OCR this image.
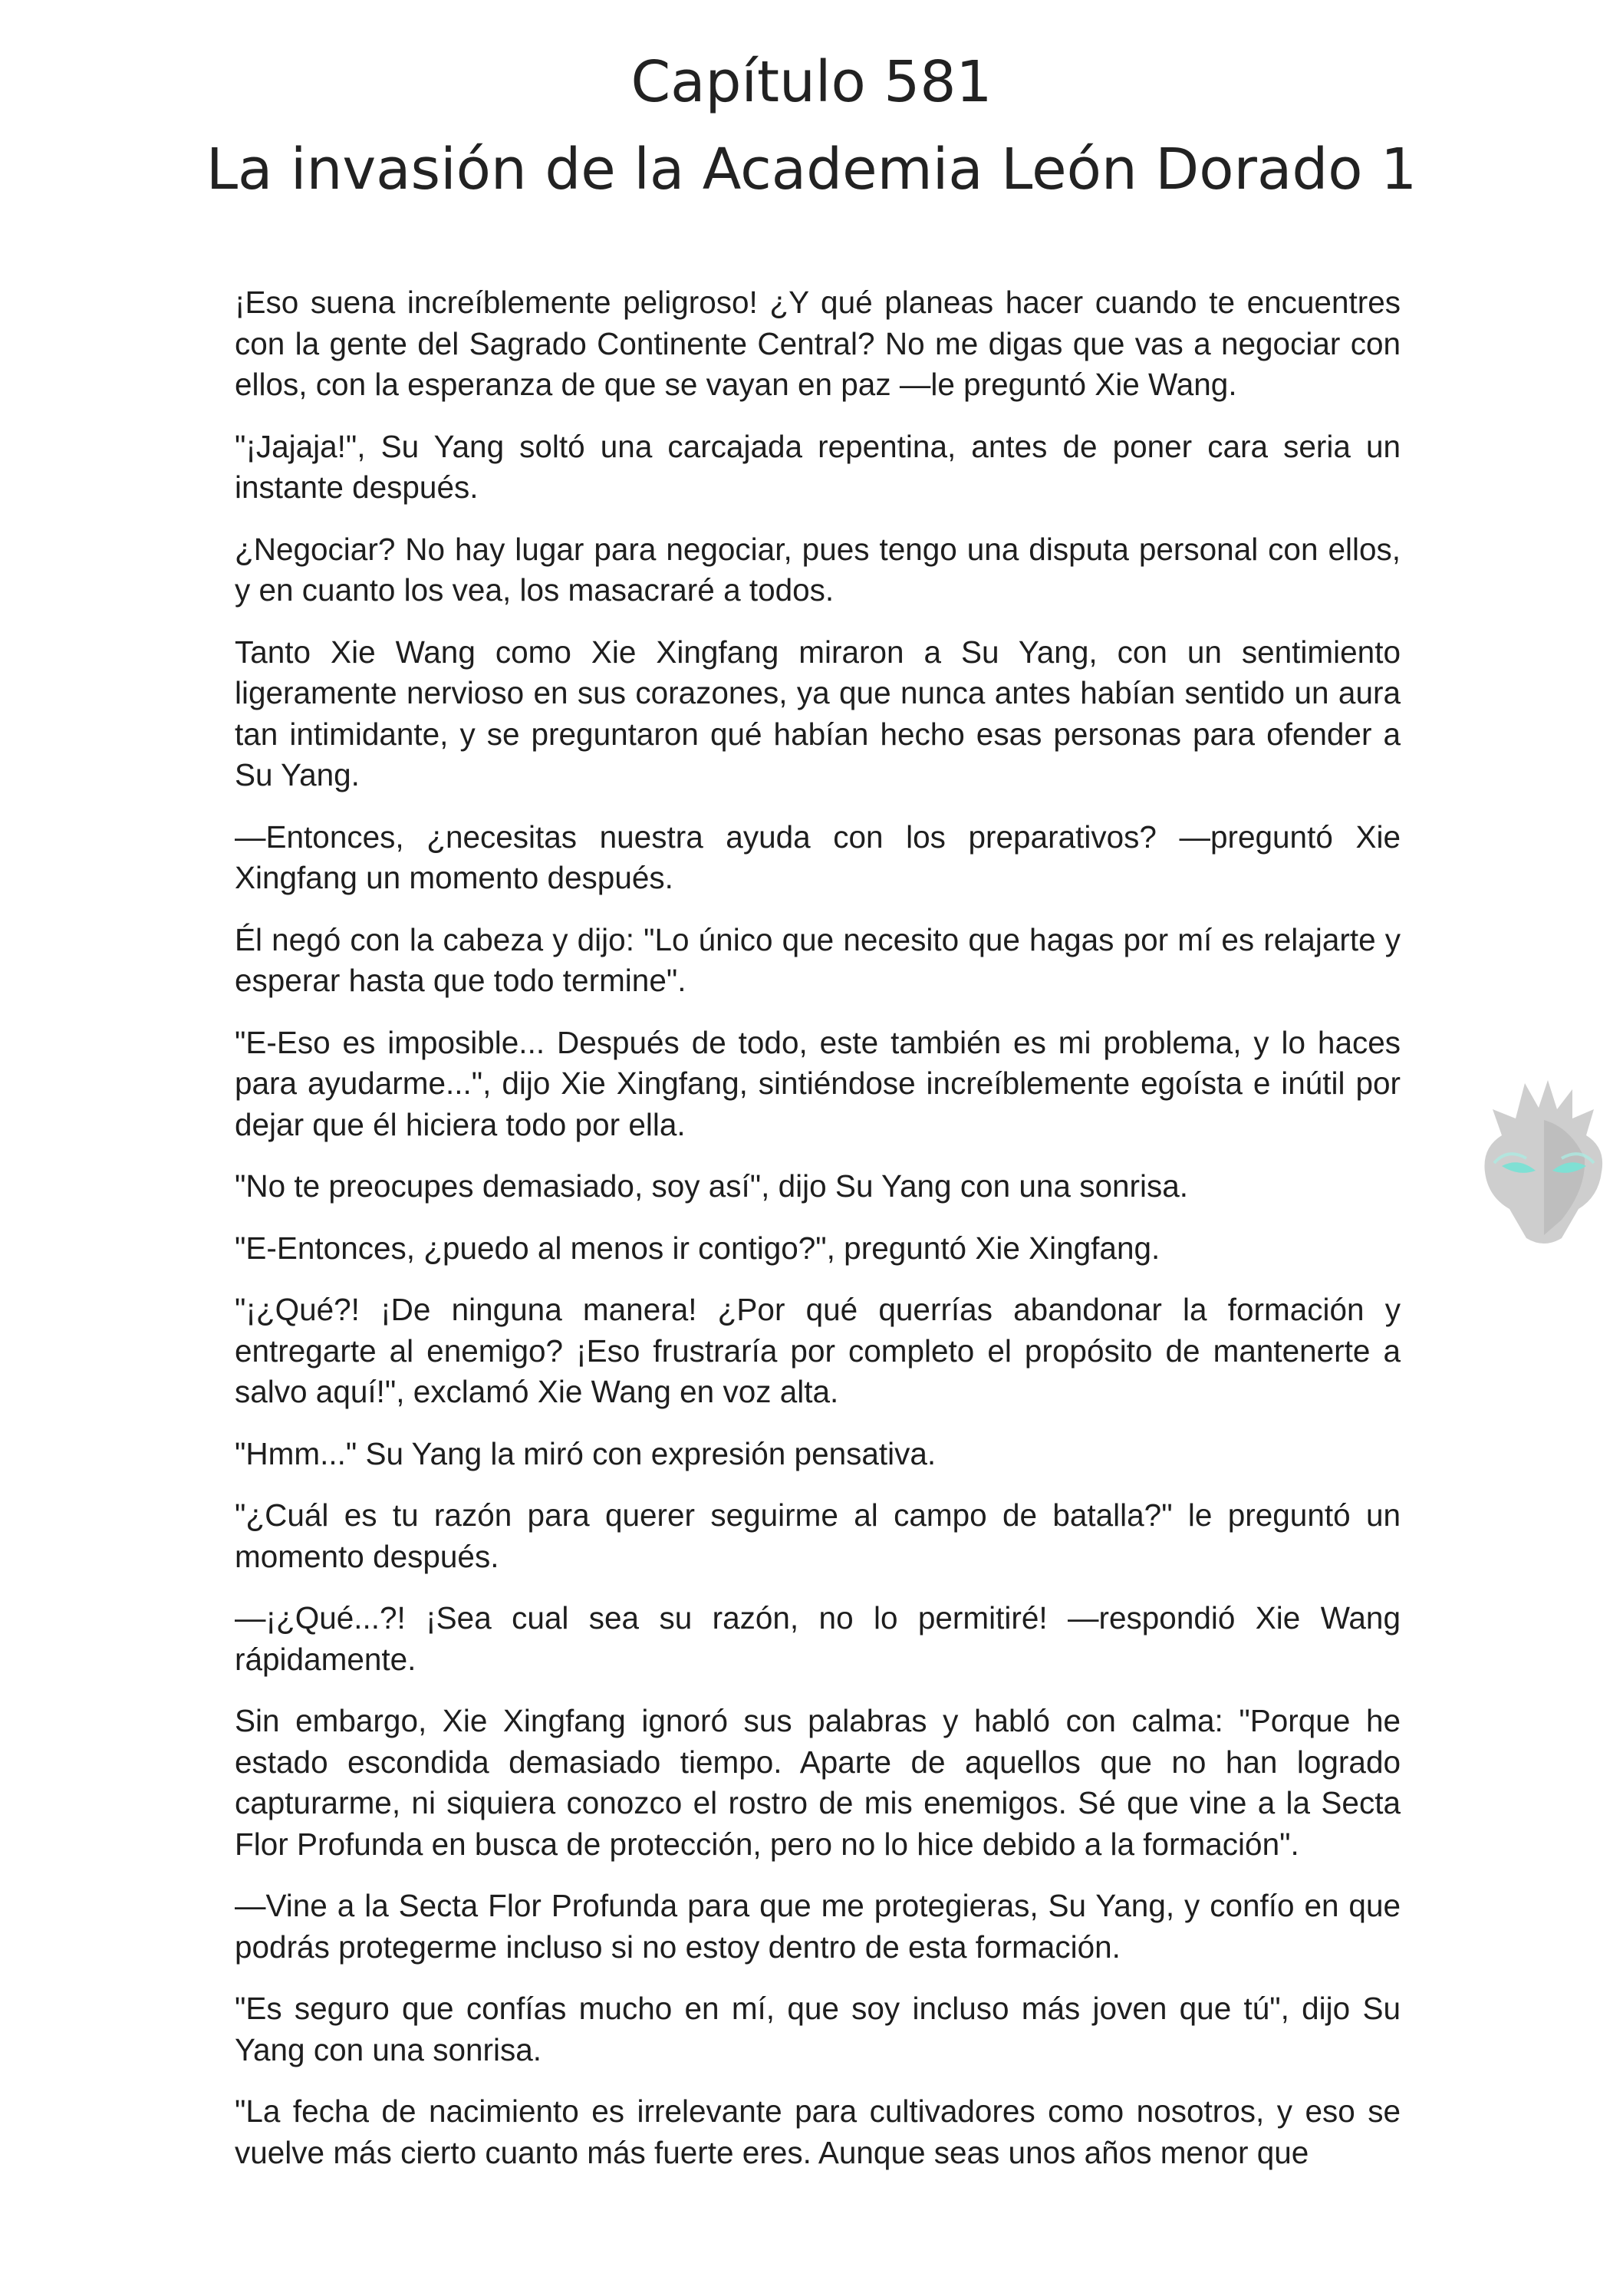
Capítulo 581
La invasión de la Academia León Dorado 1

¡Eso suena increíblemente peligroso! ¿Y qué planeas hacer cuando te encuentres con la gente del Sagrado Continente Central? No me digas que vas a negociar con ellos, con la esperanza de que se vayan en paz —le preguntó Xie Wang.

"¡Jajaja!", Su Yang soltó una carcajada repentina, antes de poner cara seria un instante después.

¿Negociar? No hay lugar para negociar, pues tengo una disputa personal con ellos, y en cuanto los vea, los masacraré a todos.

Tanto Xie Wang como Xie Xingfang miraron a Su Yang, con un sentimiento ligeramente nervioso en sus corazones, ya que nunca antes habían sentido un aura tan intimidante, y se preguntaron qué habían hecho esas personas para ofender a Su Yang.

—Entonces, ¿necesitas nuestra ayuda con los preparativos? —preguntó Xie Xingfang un momento después.

Él negó con la cabeza y dijo: "Lo único que necesito que hagas por mí es relajarte y esperar hasta que todo termine".

"E-Eso es imposible... Después de todo, este también es mi problema, y lo haces para ayudarme...", dijo Xie Xingfang, sintiéndose increíblemente egoísta e inútil por dejar que él hiciera todo por ella.

"No te preocupes demasiado, soy así", dijo Su Yang con una sonrisa.

"E-Entonces, ¿puedo al menos ir contigo?", preguntó Xie Xingfang.

"¡¿Qué?! ¡De ninguna manera! ¿Por qué querrías abandonar la formación y entregarte al enemigo? ¡Eso frustraría por completo el propósito de mantenerte a salvo aquí!", exclamó Xie Wang en voz alta.

"Hmm..." Su Yang la miró con expresión pensativa.

"¿Cuál es tu razón para querer seguirme al campo de batalla?" le preguntó un momento después.

—¡¿Qué...?! ¡Sea cual sea su razón, no lo permitiré! —respondió Xie Wang rápidamente.

Sin embargo, Xie Xingfang ignoró sus palabras y habló con calma: "Porque he estado escondida demasiado tiempo. Aparte de aquellos que no han logrado capturarme, ni siquiera conozco el rostro de mis enemigos. Sé que vine a la Secta Flor Profunda en busca de protección, pero no lo hice debido a la formación".

—Vine a la Secta Flor Profunda para que me protegieras, Su Yang, y confío en que podrás protegerme incluso si no estoy dentro de esta formación.

"Es seguro que confías mucho en mí, que soy incluso más joven que tú", dijo Su Yang con una sonrisa.

"La fecha de nacimiento es irrelevante para cultivadores como nosotros, y eso se vuelve más cierto cuanto más fuerte eres. Aunque seas unos años menor que
